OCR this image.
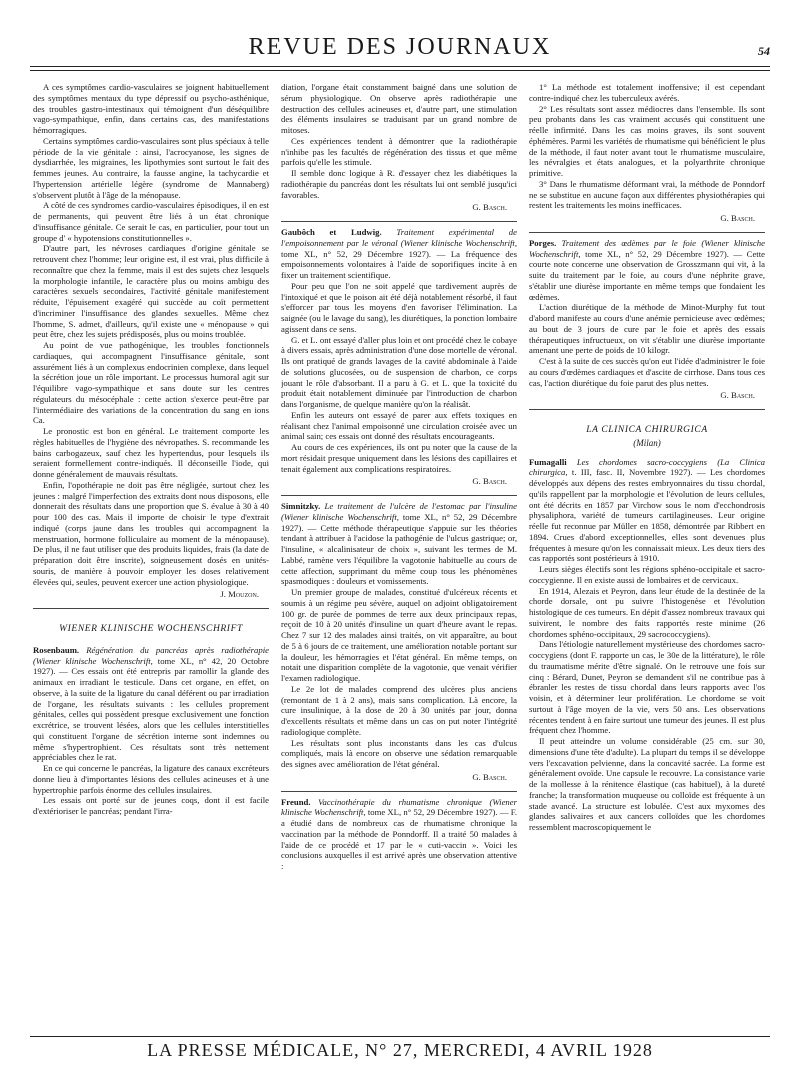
REVUE DES JOURNAUX	54

A ces symptômes cardio-vasculaires se joignent habituellement des symptômes mentaux du type dépressif ou psycho-asthénique, des troubles gastro-intestinaux qui témoignent d'un déséquilibre vago-sympathique, enfin, dans certains cas, des manifestations hémorragiques.

Certains symptômes cardio-vasculaires sont plus spéciaux à telle période de la vie génitale : ainsi, l'acrocyanose, les signes de dysdiarrhée, les migraines, les lipothymies sont surtout le fait des femmes jeunes. Au contraire, la fausse angine, la tachycardie et l'hypertension artérielle légère (syndrome de Mannaberg) s'observent plutôt à l'âge de la ménopause.

A côté de ces syndromes cardio-vasculaires épisodiques, il en est de permanents, qui peuvent être liés à un état chronique d'insuffisance génitale. Ce serait le cas, en particulier, pour tout un groupe d' « hypotensions constitutionnelles ».

D'autre part, les névroses cardiaques d'origine génitale se retrouvent chez l'homme; leur origine est, il est vrai, plus difficile à reconnaître que chez la femme, mais il est des sujets chez lesquels la morphologie infantile, le caractère plus ou moins ambigu des caractères sexuels secondaires, l'activité génitale manifestement réduite, l'épuisement exagéré qui succède au coït permettent d'incriminer l'insuffisance des glandes sexuelles. Même chez l'homme, S. admet, d'ailleurs, qu'il existe une « ménopause » qui peut être, chez les sujets prédisposés, plus ou moins troublée.

Au point de vue pathogénique, les troubles fonctionnels cardiaques, qui accompagnent l'insuffisance génitale, sont assurément liés à un complexus endocrinien complexe, dans lequel la sécrétion joue un rôle important. Le processus humoral agit sur l'équilibre vago-sympathique et sans doute sur les centres régulateurs du mésocéphale : cette action s'exerce peut-être par l'intermédiaire des variations de la concentration du sang en ions Ca.

Le pronostic est bon en général. Le traitement comporte les règles habituelles de l'hygiène des névropathes. S. recommande les bains carbogazeux, sauf chez les hypertendus, pour lesquels ils seraient formellement contre-indiqués. Il déconseille l'iode, qui donne généralement de mauvais résultats.

Enfin, l'opothérapie ne doit pas être négligée, surtout chez les jeunes : malgré l'imperfection des extraits dont nous disposons, elle donnerait des résultats dans une proportion que S. évalue à 30 à 40 pour 100 des cas. Mais il importe de choisir le type d'extrait indiqué (corps jaune dans les troubles qui accompagnent la menstruation, hormone folliculaire au moment de la ménopause). De plus, il ne faut utiliser que des produits liquides, frais (la date de préparation doit être inscrite), soigneusement dosés en unités-souris, de manière à pouvoir employer les doses relativement élevées qui, seules, peuvent exercer une action physiologique.

J. Mouzon.
WIENER KLINISCHE WOCHENSCHRIFT

Rosenbaum. Régénération du pancréas après radiothérapie (Wiener klinische Wochenschrift, tome XL, n° 42, 20 Octobre 1927). — Ces essais ont été entrepris par ramollir la glande des animaux en irradiant le testicule. Dans cet organe, en effet, on observe, à la suite de la ligature du canal déférent ou par irradiation de l'organe, les résultats suivants : les cellules proprement génitales, celles qui possèdent presque exclusivement une fonction excrétrice, se trouvent lésées, alors que les cellules interstitielles qui constituent l'organe de sécrétion interne sont indemnes ou même s'hypertrophient. Ces résultats sont très nettement appréciables chez le rat.

En ce qui concerne le pancréas, la ligature des canaux excréteurs donne lieu à d'importantes lésions des cellules acineuses et à une hypertrophie parfois énorme des cellules insulaires.

Les essais ont porté sur de jeunes coqs, dont il est facile d'extérioriser le pancréas; pendant l'irra-

diation, l'organe était constamment baigné dans une solution de sérum physiologique. On observe après radiothérapie une destruction des cellules acineuses et, d'autre part, une stimulation des éléments insulaires se traduisant par un grand nombre de mitoses.

Ces expériences tendent à démontrer que la radiothérapie n'inhibe pas les facultés de régénération des tissus et que même parfois qu'elle les stimule.

Il semble donc logique à R. d'essayer chez les diabétiques la radiothérapie du pancréas dont les résultats lui ont semblé jusqu'ici favorables.

G. Basch.

Gaubôch et Ludwig. Traitement expérimental de l'empoisonnement par le véronal (Wiener klinische Wochenschrift, tome XL, n° 52, 29 Décembre 1927). — La fréquence des empoisonnements volontaires à l'aide de soporifiques incite à en fixer un traitement scientifique.

Pour peu que l'on ne soit appelé que tardivement auprès de l'intoxiqué et que le poison ait été déjà notablement résorbé, il faut s'efforcer par tous les moyens d'en favoriser l'élimination. La saignée (ou le lavage du sang), les diurétiques, la ponction lombaire agissent dans ce sens.

G. et L. ont essayé d'aller plus loin et ont procédé chez le cobaye à divers essais, après administration d'une dose mortelle de véronal. Ils ont pratiqué de grands lavages de la cavité abdominale à l'aide de solutions glucosées, ou de suspension de charbon, ce corps jouant le rôle d'absorbant. Il a paru à G. et L. que la toxicité du produit était notablement diminuée par l'introduction de charbon dans l'organisme, de quelque manière qu'on la réalisât.

Enfin les auteurs ont essayé de parer aux effets toxiques en réalisant chez l'animal empoisonné une circulation croisée avec un animal sain; ces essais ont donné des résultats encourageants.

Au cours de ces expériences, ils ont pu noter que la cause de la mort résidait presque uniquement dans les lésions des capillaires et tenait également aux complications respiratoires.

G. Basch.

Simnitzky. Le traitement de l'ulcère de l'estomac par l'insuline (Wiener klinische Wochenschrift, tome XL, n° 52, 29 Décembre 1927). — Cette méthode thérapeutique s'appuie sur les théories tendant à attribuer à l'acidose la pathogénie de l'ulcus gastrique; or, l'insuline, « alcalinisateur de choix », suivant les termes de M. Labbé, ramène vers l'équilibre la vagotonie habituelle au cours de cette affection, supprimant du même coup tous les phénomènes spasmodiques : douleurs et vomissements.

Un premier groupe de malades, constitué d'ulcéreux récents et soumis à un régime peu sévère, auquel on adjoint obligatoirement 100 gr. de purée de pommes de terre aux deux principaux repas, reçoit de 10 à 20 unités d'insuline un quart d'heure avant le repas. Chez 7 sur 12 des malades ainsi traités, on vit apparaître, au bout de 5 à 6 jours de ce traitement, une amélioration notable portant sur la douleur, les hémorragies et l'état général. En même temps, on notait une disparition complète de la vagotonie, que venait vérifier l'examen radiologique.

Le 2e lot de malades comprend des ulcères plus anciens (remontant de 1 à 2 ans), mais sans complication. Là encore, la cure insulinique, à la dose de 20 à 30 unités par jour, donna d'excellents résultats et même dans un cas on put noter l'intégrité radiologique complète.

Les résultats sont plus inconstants dans les cas d'ulcus compliqués, mais là encore on observe une sédation remarquable des signes avec amélioration de l'état général.

G. Basch.

Freund. Vaccinothérapie du rhumatisme chronique (Wiener klinische Wochenschrift, tome XL, n° 52, 29 Décembre 1927). — F. a étudié dans de nombreux cas de rhumatisme chronique la vaccination par la méthode de Ponndorff. Il a traité 50 malades à l'aide de ce procédé et 17 par le « cuti-vaccin ». Voici les conclusions auxquelles il est arrivé après une observation attentive :

1° La méthode est totalement inoffensive; il est cependant contre-indiqué chez les tuberculeux avérés.

2° Les résultats sont assez médiocres dans l'ensemble. Ils sont peu probants dans les cas vraiment accusés qui constituent une réelle infirmité. Dans les cas moins graves, ils sont souvent éphémères. Parmi les variétés de rhumatisme qui bénéficient le plus de la méthode, il faut noter avant tout le rhumatisme musculaire, les névralgies et états analogues, et la polyarthrite chronique primitive.

3° Dans le rhumatisme déformant vrai, la méthode de Ponndorf ne se substitue en aucune façon aux différentes physiothérapies qui restent les traitements les moins inefficaces.

G. Basch.

Porges. Traitement des œdèmes par le foie (Wiener klinische Wochenschrift, tome XL, n° 52, 29 Décembre 1927). — Cette courte note concerne une observation de Grosszmann qui vit, à la suite du traitement par le foie, au cours d'une néphrite grave, s'établir une diurèse importante en même temps que fondaient les œdèmes.

L'action diurétique de la méthode de Minot-Murphy fut tout d'abord manifeste au cours d'une anémie pernicieuse avec œdèmes; au bout de 3 jours de cure par le foie et après des essais thérapeutiques infructueux, on vit s'établir une diurèse importante amenant une perte de poids de 10 kilogr.

C'est à la suite de ces succès qu'on eut l'idée d'administrer le foie au cours d'œdèmes cardiaques et d'ascite de cirrhose. Dans tous ces cas, l'action diurétique du foie parut des plus nettes.

G. Basch.
LA CLINICA CHIRURGICA
(Milan)

Fumagalli Les chordomes sacro-coccygiens (La Clinica chirurgica, t. III, fasc. II, Novembre 1927). — Les chordomes développés aux dépens des restes embryonnaires du tissu chordal, qu'ils rappellent par la morphologie et l'évolution de leurs cellules, ont été décrits en 1857 par Virchow sous le nom d'ecchondrosis physaliphora, variété de tumeurs cartilagineuses. Leur origine réelle fut reconnue par Müller en 1858, démontrée par Ribbert en 1894. Crues d'abord exceptionnelles, elles sont devenues plus fréquentes à mesure qu'on les connaissait mieux. Les deux tiers des cas rapportés sont postérieurs à 1910.

Leurs sièges électifs sont les régions sphéno-occipitale et sacro-coccygienne. Il en existe aussi de lombaires et de cervicaux.

En 1914, Alezais et Peyron, dans leur étude de la destinée de la chorde dorsale, ont pu suivre l'histogenèse et l'évolution histologique de ces tumeurs. En dépit d'assez nombreux travaux qui suivirent, le nombre des faits rapportés reste minime (26 chordomes sphéno-occipitaux, 29 sacrococcygiens).

Dans l'étiologie naturellement mystérieuse des chordomes sacro-coccygiens (dont F. rapporte un cas, le 30e de la littérature), le rôle du traumatisme mérite d'être signalé. On le retrouve une fois sur cinq : Bérard, Dunet, Peyron se demandent s'il ne contribue pas à ébranler les restes de tissu chordal dans leurs rapports avec l'os voisin, et à déterminer leur prolifération. Le chordome se voit surtout à l'âge moyen de la vie, vers 50 ans. Les observations récentes tendent à en faire surtout une tumeur des jeunes. Il est plus fréquent chez l'homme.

Il peut atteindre un volume considérable (25 cm. sur 30, dimensions d'une tête d'adulte). La plupart du temps il se développe vers l'excavation pelvienne, dans la concavité sacrée. La forme est généralement ovoïde. Une capsule le recouvre. La consistance varie de la mollesse à la rénitence élastique (cas habituel), à la dureté franche; la transformation muqueuse ou colloïde est fréquente à un stade avancé. La structure est lobulée. C'est aux myxomes des glandes salivaires et aux cancers colloïdes que les chordomes ressemblent macroscopiquement le

LA PRESSE MÉDICALE, N° 27, MERCREDI, 4 AVRIL 1928
